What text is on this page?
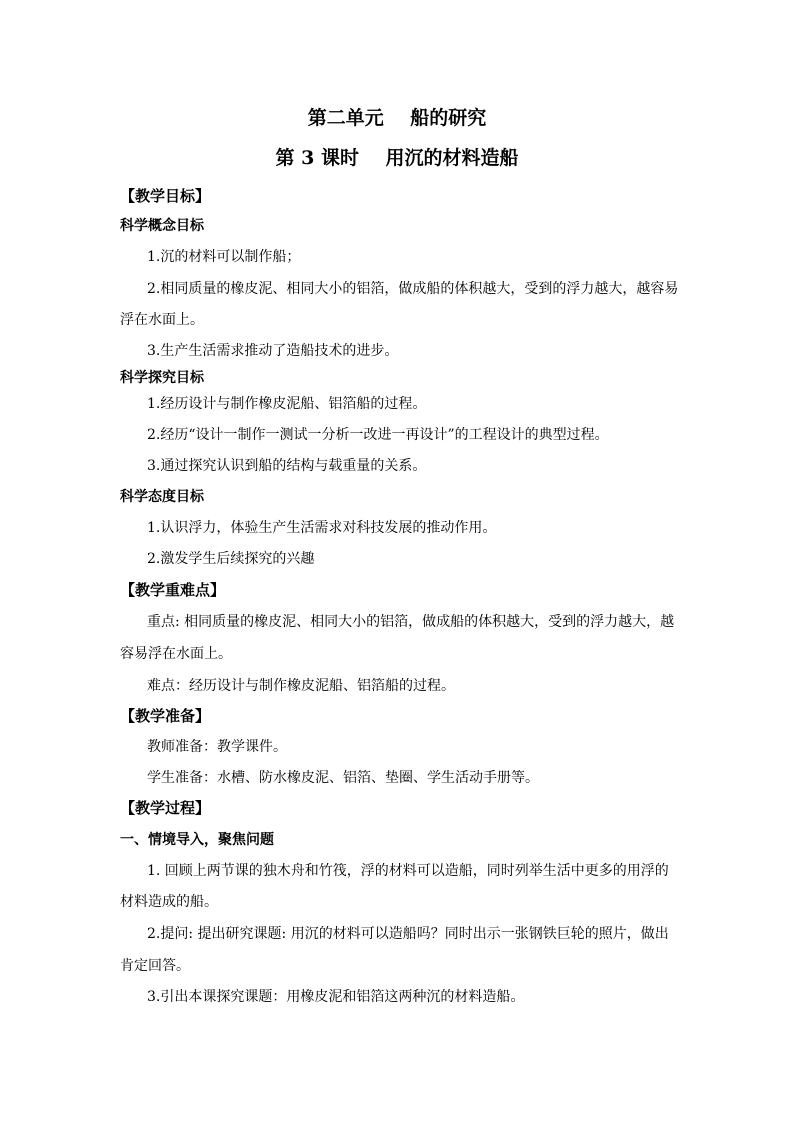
第二单元    船的研究
第 3 课时    用沉的材料造船
【教学目标】
科学概念目标
1.沉的材料可以制作船；
2.相同质量的橡皮泥、相同大小的铝箔，做成船的体积越大，受到的浮力越大，越容易
浮在水面上。
3.生产生活需求推动了造船技术的进步。
科学探究目标
1.经历设计与制作橡皮泥船、铝箔船的过程。
2.经历“设计一制作一测试一分析一改进一再设计”的工程设计的典型过程。
3.通过探究认识到船的结构与载重量的关系。
科学态度目标
1.认识浮力，体验生产生活需求对科技发展的推动作用。
2.激发学生后续探究的兴趣
【教学重难点】
重点: 相同质量的橡皮泥、相同大小的铝箔，做成船的体积越大，受到的浮力越大，越
容易浮在水面上。
难点：经历设计与制作橡皮泥船、铝箔船的过程。
【教学准备】
教师准备：教学课件。
学生准备：水槽、防水橡皮泥、铝箔、垫圈、学生活动手册等。
【教学过程】
一、情境导入，聚焦问题
1. 回顾上两节课的独木舟和竹筏，浮的材料可以造船，同时列举生活中更多的用浮的
材料造成的船。
2.提问: 提出研究课题: 用沉的材料可以造船吗？同时出示一张钢铁巨轮的照片，做出
肯定回答。
3.引出本课探究课题：用橡皮泥和铝箔这两种沉的材料造船。
